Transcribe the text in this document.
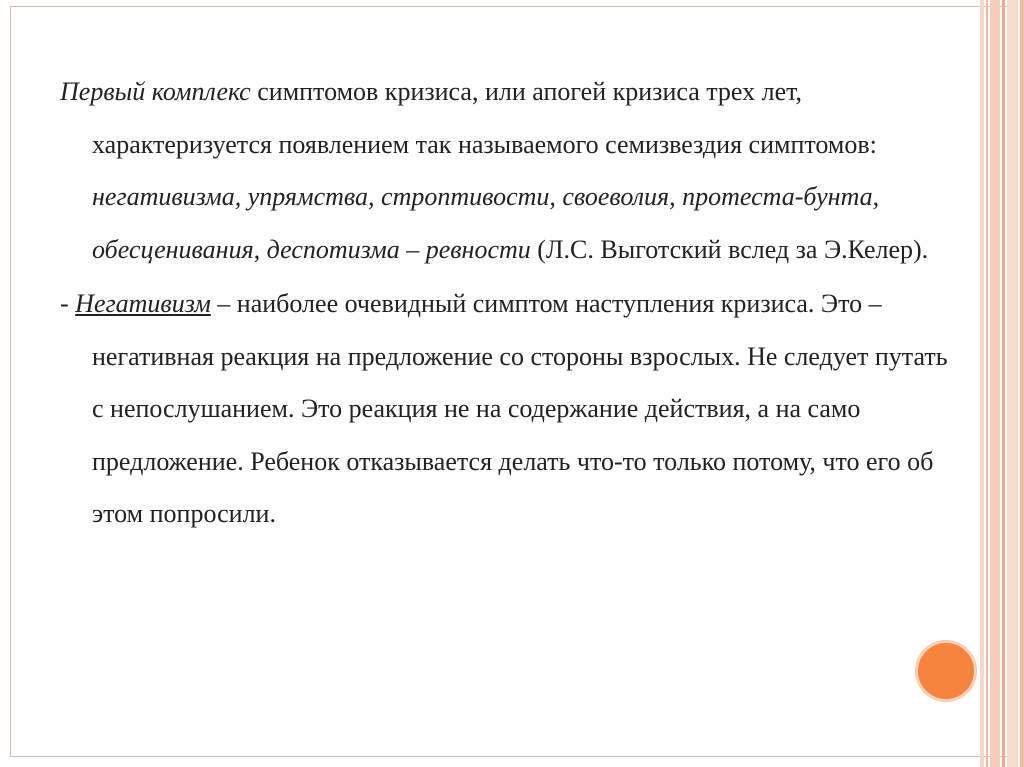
Первый комплекс симптомов кризиса, или апогей кризиса трех лет, характеризуется появлением так называемого семизвездия симптомов: негативизма, упрямства, строптивости, своеволия, протеста-бунта, обесценивания, деспотизма – ревности (Л.С. Выготский вслед за Э.Келер).

- Негативизм – наиболее очевидный симптом наступления кризиса. Это – негативная реакция на предложение со стороны взрослых. Не следует путать с непослушанием. Это реакция не на содержание действия, а на само предложение. Ребенок отказывается делать что-то только потому, что его об этом попросили.
